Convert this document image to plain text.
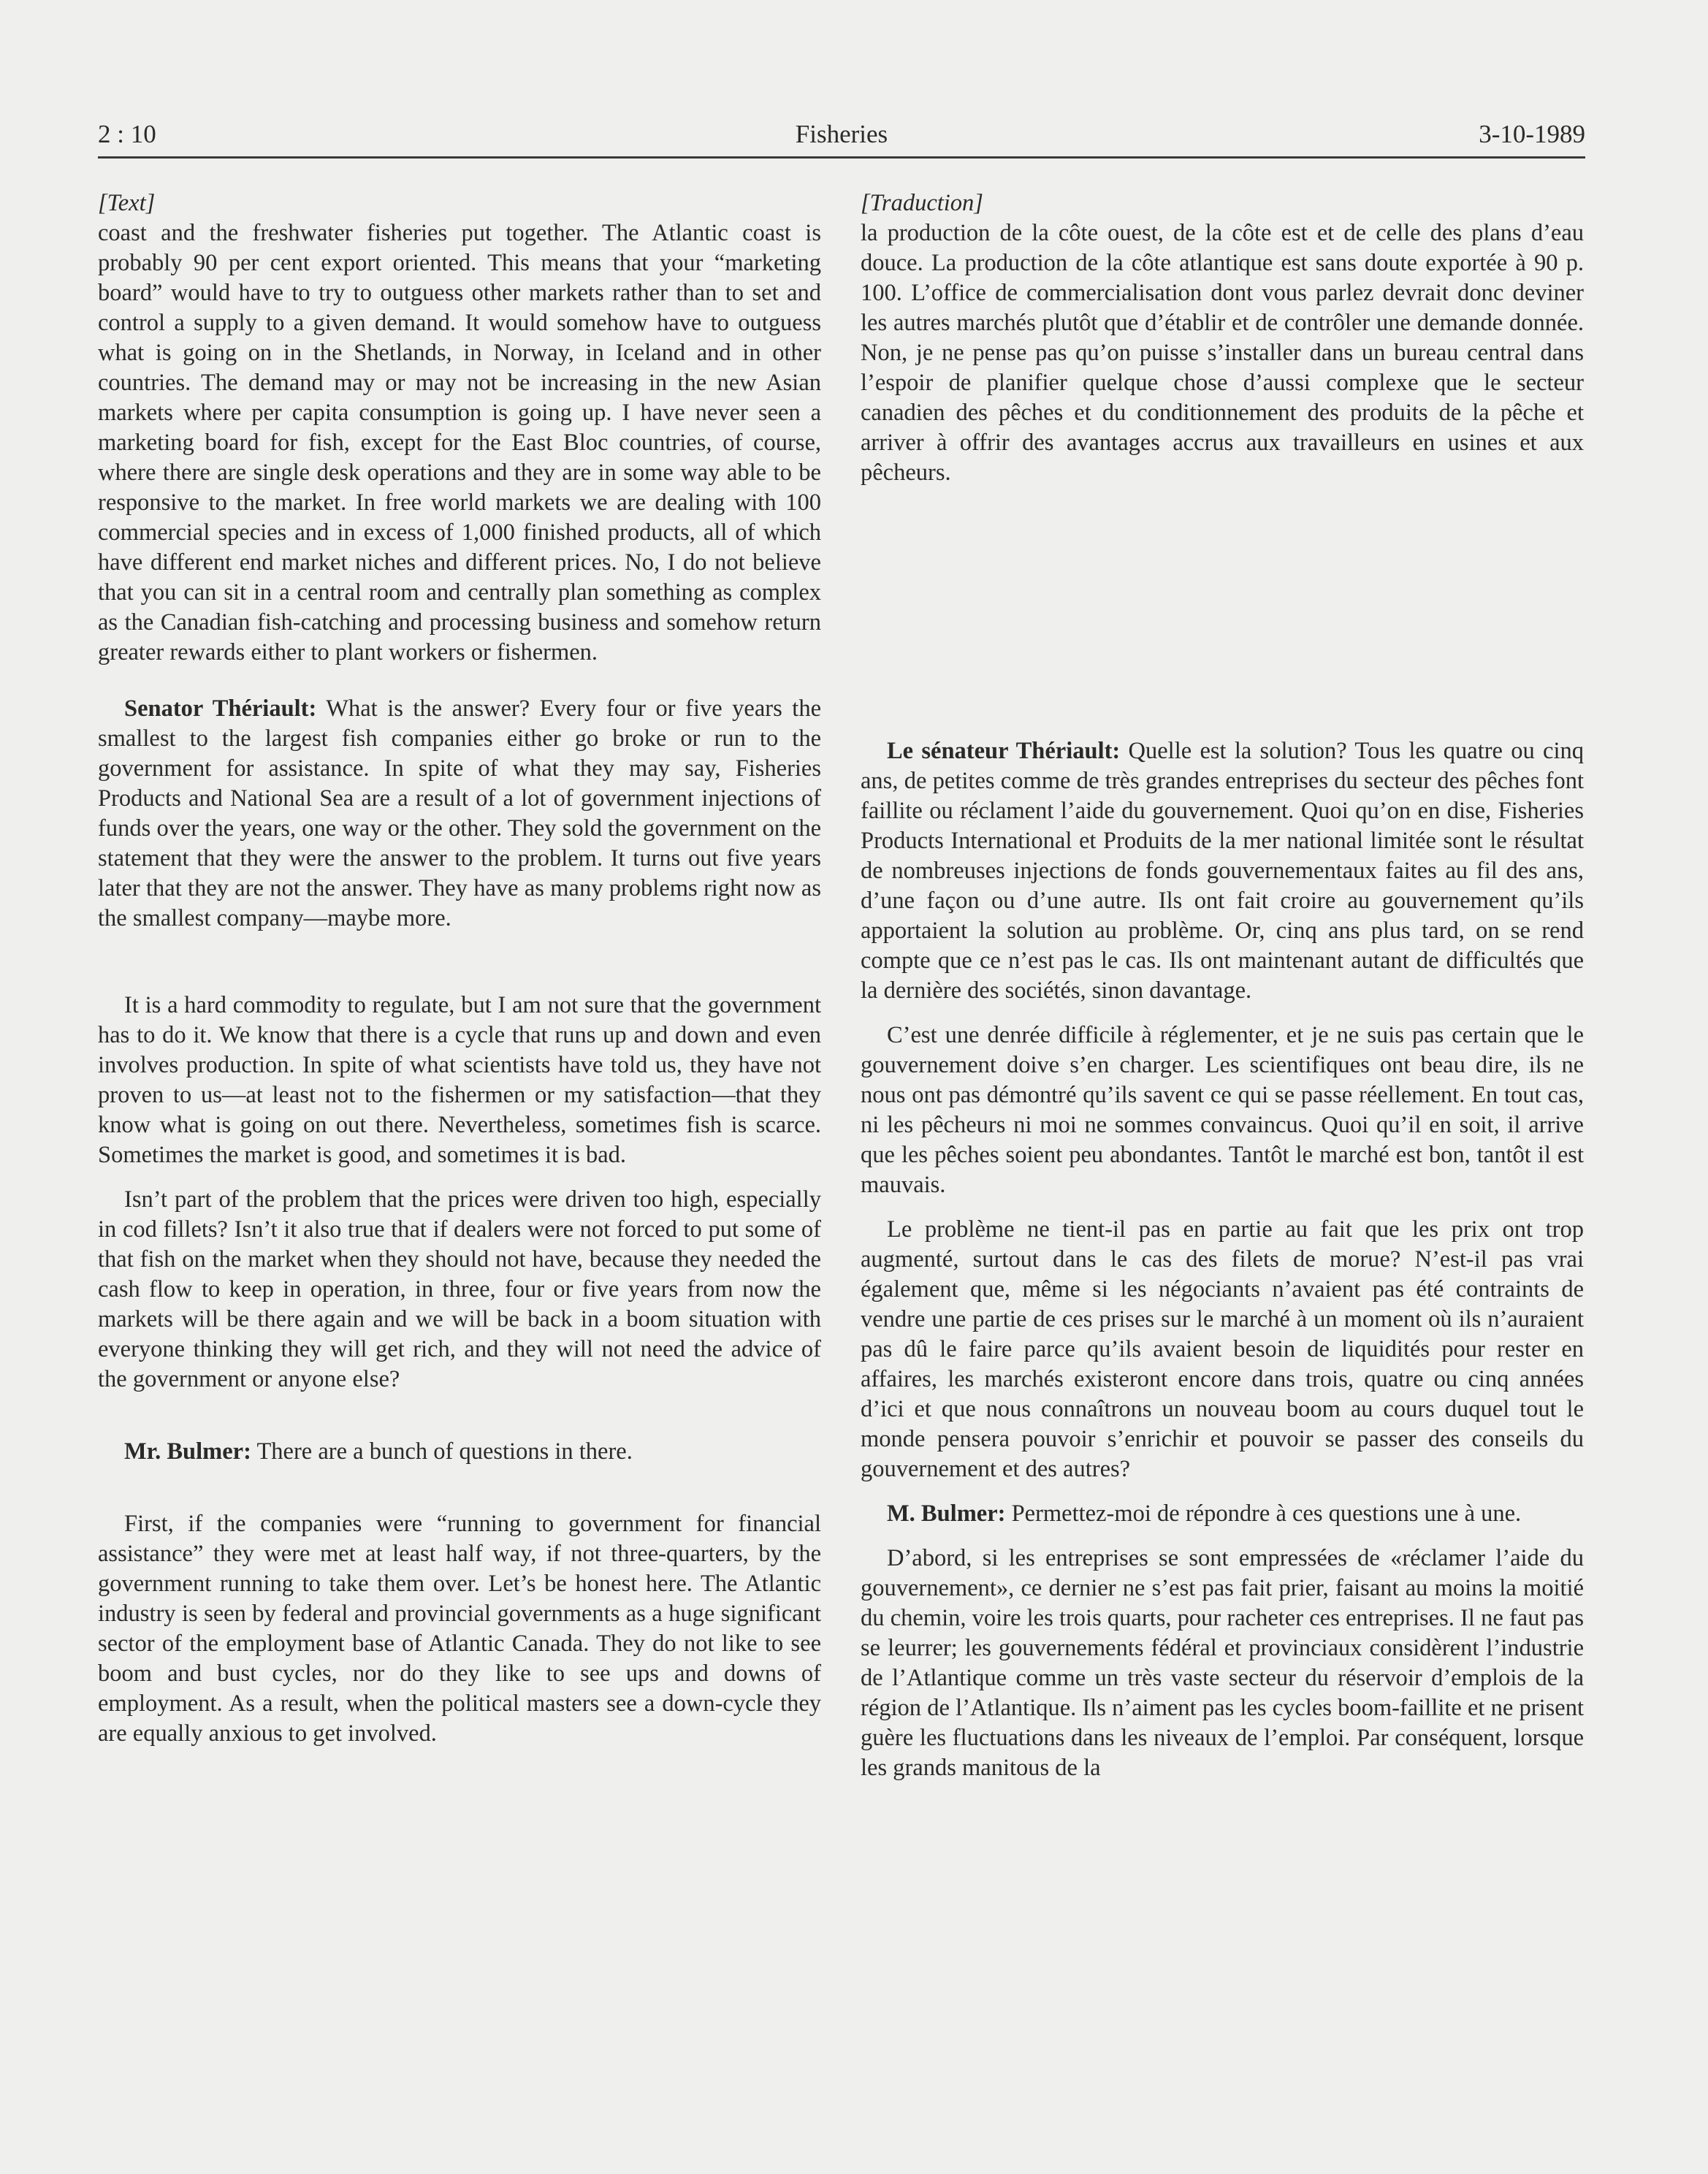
2 : 10	Fisheries	3-10-1989

[Text]

coast and the freshwater fisheries put together. The Atlantic coast is probably 90 per cent export oriented. This means that your “marketing board” would have to try to outguess other markets rather than to set and control a supply to a given demand. It would somehow have to outguess what is going on in the Shetlands, in Norway, in Iceland and in other countries. The demand may or may not be increasing in the new Asian markets where per capita consumption is going up. I have never seen a marketing board for fish, except for the East Bloc countries, of course, where there are single desk operations and they are in some way able to be responsive to the market. In free world markets we are dealing with 100 commercial species and in excess of 1,000 finished products, all of which have different end market niches and different prices. No, I do not believe that you can sit in a central room and centrally plan something as complex as the Canadian fish-catching and processing business and somehow return greater rewards either to plant workers or fishermen.

Senator Thériault: What is the answer? Every four or five years the smallest to the largest fish companies either go broke or run to the government for assistance. In spite of what they may say, Fisheries Products and National Sea are a result of a lot of government injections of funds over the years, one way or the other. They sold the government on the statement that they were the answer to the problem. It turns out five years later that they are not the answer. They have as many problems right now as the smallest company—maybe more.

It is a hard commodity to regulate, but I am not sure that the government has to do it. We know that there is a cycle that runs up and down and even involves production. In spite of what scientists have told us, they have not proven to us—at least not to the fishermen or my satisfaction—that they know what is going on out there. Nevertheless, sometimes fish is scarce. Sometimes the market is good, and sometimes it is bad.

Isn’t part of the problem that the prices were driven too high, especially in cod fillets? Isn’t it also true that if dealers were not forced to put some of that fish on the market when they should not have, because they needed the cash flow to keep in operation, in three, four or five years from now the markets will be there again and we will be back in a boom situation with everyone thinking they will get rich, and they will not need the advice of the government or anyone else?

Mr. Bulmer: There are a bunch of questions in there.

First, if the companies were “running to government for financial assistance” they were met at least half way, if not three-quarters, by the government running to take them over. Let’s be honest here. The Atlantic industry is seen by federal and provincial governments as a huge significant sector of the employment base of Atlantic Canada. They do not like to see boom and bust cycles, nor do they like to see ups and downs of employment. As a result, when the political masters see a down-cycle they are equally anxious to get involved.

[Traduction]

la production de la côte ouest, de la côte est et de celle des plans d’eau douce. La production de la côte atlantique est sans doute exportée à 90 p. 100. L’office de commercialisation dont vous parlez devrait donc deviner les autres marchés plutôt que d’établir et de contrôler une demande donnée. Non, je ne pense pas qu’on puisse s’installer dans un bureau central dans l’espoir de planifier quelque chose d’aussi complexe que le secteur canadien des pêches et du conditionnement des produits de la pêche et arriver à offrir des avantages accrus aux travailleurs en usines et aux pêcheurs.

Le sénateur Thériault: Quelle est la solution? Tous les quatre ou cinq ans, de petites comme de très grandes entreprises du secteur des pêches font faillite ou réclament l’aide du gouvernement. Quoi qu’on en dise, Fisheries Products International et Produits de la mer national limitée sont le résultat de nombreuses injections de fonds gouvernementaux faites au fil des ans, d’une façon ou d’une autre. Ils ont fait croire au gouvernement qu’ils apportaient la solution au problème. Or, cinq ans plus tard, on se rend compte que ce n’est pas le cas. Ils ont maintenant autant de difficultés que la dernière des sociétés, sinon davantage.

C’est une denrée difficile à réglementer, et je ne suis pas certain que le gouvernement doive s’en charger. Les scientifiques ont beau dire, ils ne nous ont pas démontré qu’ils savent ce qui se passe réellement. En tout cas, ni les pêcheurs ni moi ne sommes convaincus. Quoi qu’il en soit, il arrive que les pêches soient peu abondantes. Tantôt le marché est bon, tantôt il est mauvais.

Le problème ne tient-il pas en partie au fait que les prix ont trop augmenté, surtout dans le cas des filets de morue? N’est-il pas vrai également que, même si les négociants n’avaient pas été contraints de vendre une partie de ces prises sur le marché à un moment où ils n’auraient pas dû le faire parce qu’ils avaient besoin de liquidités pour rester en affaires, les marchés existeront encore dans trois, quatre ou cinq années d’ici et que nous connaîtrons un nouveau boom au cours duquel tout le monde pensera pouvoir s’enrichir et pouvoir se passer des conseils du gouvernement et des autres?

M. Bulmer: Permettez-moi de répondre à ces questions une à une.

D’abord, si les entreprises se sont empressées de «réclamer l’aide du gouvernement», ce dernier ne s’est pas fait prier, faisant au moins la moitié du chemin, voire les trois quarts, pour racheter ces entreprises. Il ne faut pas se leurrer; les gouvernements fédéral et provinciaux considèrent l’industrie de l’Atlantique comme un très vaste secteur du réservoir d’emplois de la région de l’Atlantique. Ils n’aiment pas les cycles boom-faillite et ne prisent guère les fluctuations dans les niveaux de l’emploi. Par conséquent, lorsque les grands manitous de la
